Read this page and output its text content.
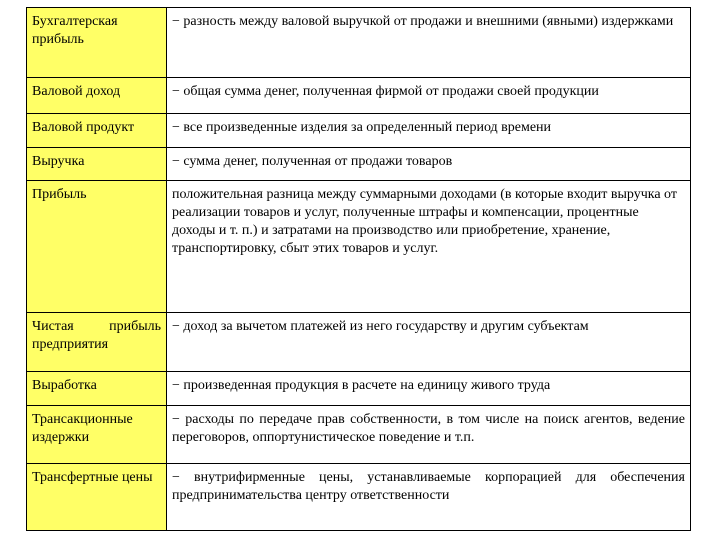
Бухгалтерская прибыль	− разность между валовой выручкой от продажи и внешними (явными) издержками
Валовой доход	− общая сумма денег, полученная фирмой от продажи своей продукции
Валовой продукт	− все произведенные изделия за определенный период времени
Выручка	− сумма денег, полученная от продажи товаров
Прибыль	положительная разница между суммарными доходами (в которые входит выручка от реализации товаров и услуг, полученные штрафы и компенсации, процентные доходы и т. п.) и затратами на производство или приобретение, хранение, транспортировку, сбыт этих товаров и услуг.
Чистая прибыль предприятия	− доход за вычетом платежей из него государству и другим субъектам
Выработка	− произведенная продукция в расчете на единицу живого труда
Трансакционные издержки	− расходы по передаче прав собственности, в том числе на поиск агентов, ведение переговоров, оппортунистическое поведение и т.п.
Трансфертные цены	− внутрифирменные цены, устанавливаемые корпорацией для обеспечения предпринимательства центру ответственности
